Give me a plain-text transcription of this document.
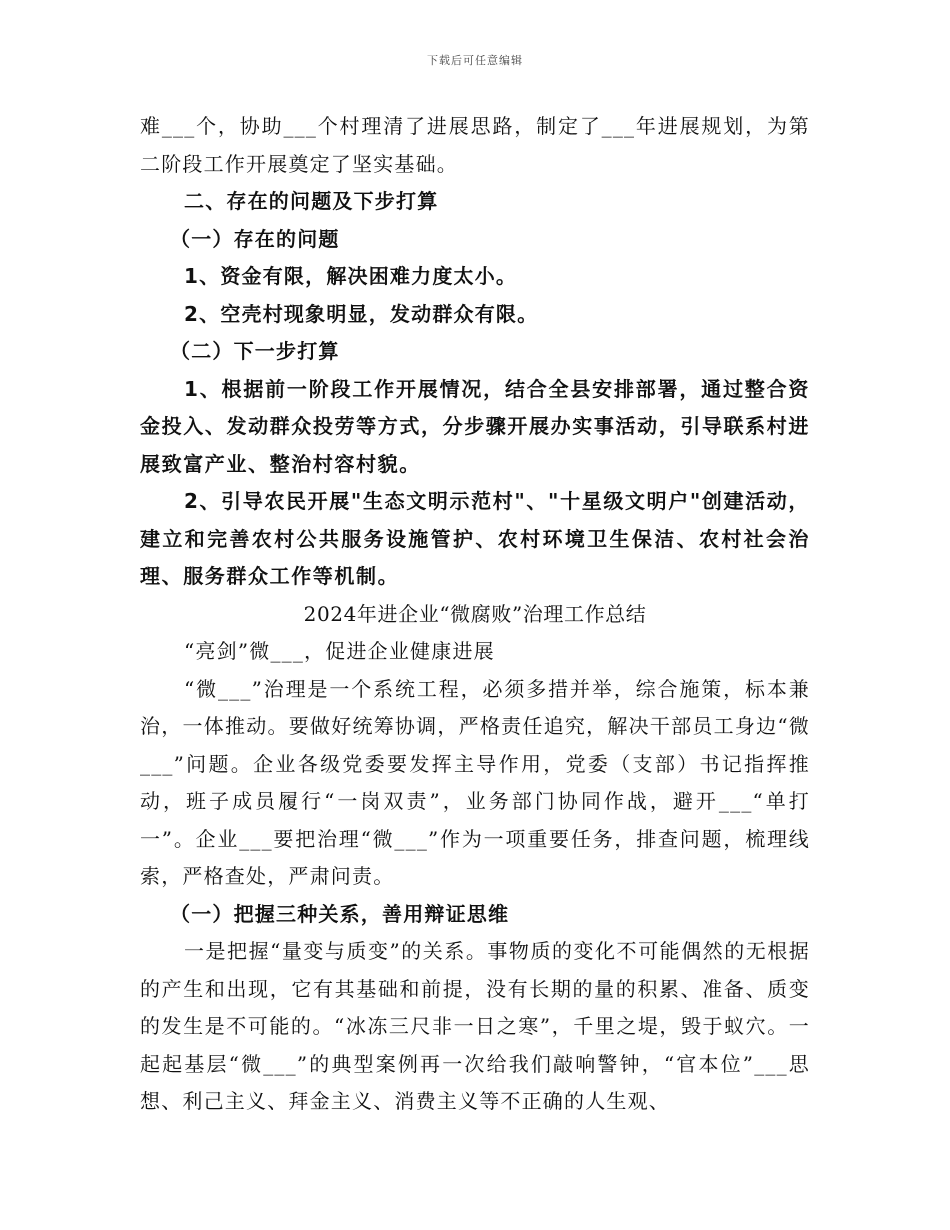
下载后可任意编辑

难___个，协助___个村理清了进展思路，制定了___年进展规划，为第二阶段工作开展奠定了坚实基础。

二、存在的问题及下步打算

（一）存在的问题

1、资金有限，解决困难力度太小。

2、空壳村现象明显，发动群众有限。

（二）下一步打算

1、根据前一阶段工作开展情况，结合全县安排部署，通过整合资金投入、发动群众投劳等方式，分步骤开展办实事活动，引导联系村进展致富产业、整治村容村貌。

2、引导农民开展"生态文明示范村"、"十星级文明户"创建活动，建立和完善农村公共服务设施管护、农村环境卫生保洁、农村社会治理、服务群众工作等机制。

2024年进企业“微腐败”治理工作总结

“亮剑”微___，促进企业健康进展

“微___”治理是一个系统工程，必须多措并举，综合施策，标本兼治，一体推动。要做好统筹协调，严格责任追究，解决干部员工身边“微___”问题。企业各级党委要发挥主导作用，党委（支部）书记指挥推动，班子成员履行“一岗双责”，业务部门协同作战，避开___“单打一”。企业___要把治理“微___”作为一项重要任务，排查问题，梳理线索，严格查处，严肃问责。

（一）把握三种关系，善用辩证思维

一是把握“量变与质变”的关系。事物质的变化不可能偶然的无根据的产生和出现，它有其基础和前提，没有长期的量的积累、准备、质变的发生是不可能的。“冰冻三尺非一日之寒”，千里之堤，毁于蚁穴。一起起基层“微___”的典型案例再一次给我们敲响警钟，“官本位”___思想、利己主义、拜金主义、消费主义等不正确的人生观、
